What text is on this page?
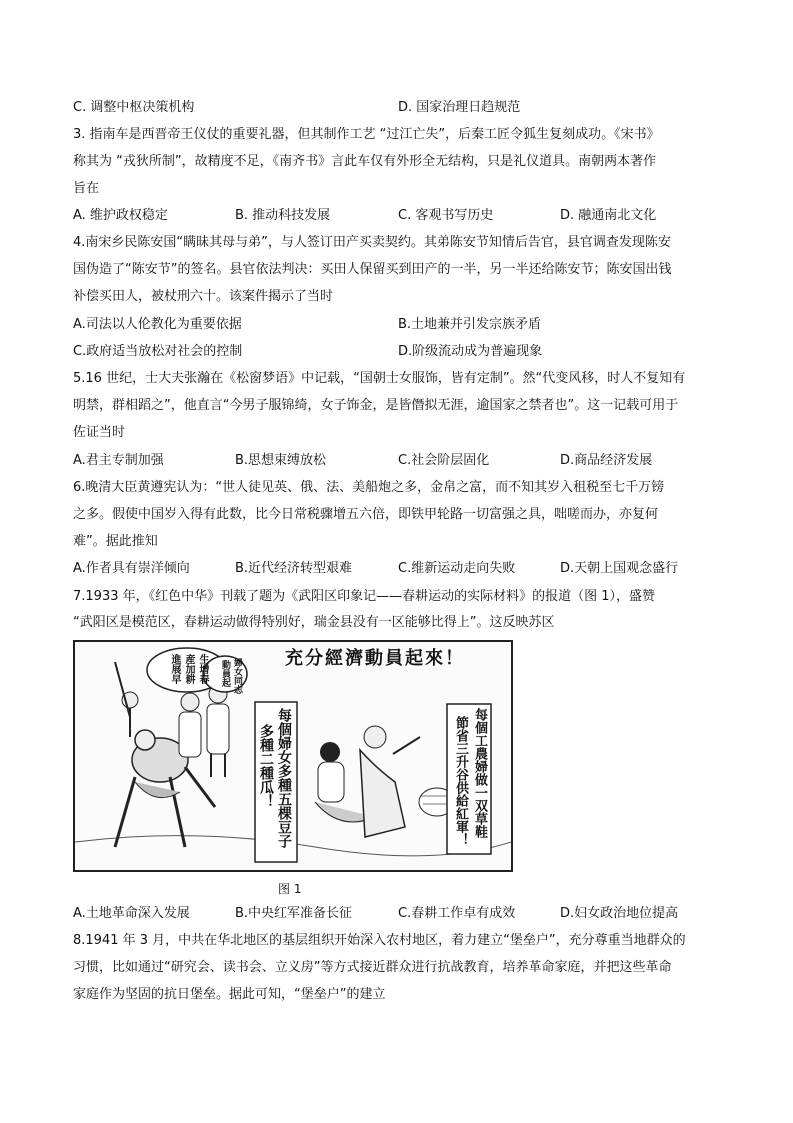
C. 调整中枢决策机构	D. 国家治理日趋规范
3. 指南车是西晋帝王仪仗的重要礼器，但其制作工艺 “过江亡失”，后秦工匠令狐生复刻成功。《宋书》
称其为 “戎狄所制”，故精度不足，《南齐书》言此车仅有外形全无结构，只是礼仪道具。南朝两本著作
旨在
A. 维护政权稳定	B. 推动科技发展	C. 客观书写历史	D. 融通南北文化
4.南宋乡民陈安国“瞒昧其母与弟”，与人签订田产买卖契约。其弟陈安节知情后告官，县官调查发现陈安
国伪造了“陈安节”的签名。县官依法判决：买田人保留买到田产的一半，另一半还给陈安节；陈安国出钱
补偿买田人，被杖刑六十。该案件揭示了当时
A.司法以人伦教化为重要依据	B.土地兼并引发宗族矛盾
C.政府适当放松对社会的控制	D.阶级流动成为普遍现象
5.16 世纪，士大夫张瀚在《松窗梦语》中记载，“国朝士女服饰，皆有定制”。然“代变风移，时人不复知有
明禁，群相蹈之”，他直言“今男子服锦绮，女子饰金，是皆僭拟无涯，逾国家之禁者也”。这一记载可用于
佐证当时
A.君主专制加强	B.思想束缚放松	C.社会阶层固化	D.商品经济发展
6.晚清大臣黄遵宪认为：“世人徒见英、俄、法、美船炮之多，金帛之富，而不知其岁入租税至七千万镑
之多。假使中国岁入得有此数，比今日常税骤增五六倍，即铁甲轮路一切富强之具，咄嗟而办，亦复何
难”。据此推知
A.作者具有崇洋倾向	B.近代经济转型艰难	C.维新运动走向失败	D.天朝上国观念盛行
7.1933 年，《红色中华》刊载了题为《武阳区印象记——春耕运动的实际材料》的报道（图 1），盛赞
“武阳区是模范区，春耕运动做得特别好，瑞金县没有一区能够比得上”。这反映苏区
充分經濟動員起來！
生增春
産加耕
進展早	婦女同志
動員起
每個婦女多種五棵豆子
多種二種瓜！	每個工農婦做一双草鞋
節省三升谷供給紅軍！
图 1
A.土地革命深入发展	B.中央红军准备长征	C.春耕工作卓有成效	D.妇女政治地位提高
8.1941 年 3 月，中共在华北地区的基层组织开始深入农村地区，着力建立“堡垒户”，充分尊重当地群众的
习惯，比如通过“研究会、读书会、立义房”等方式接近群众进行抗战教育，培养革命家庭，并把这些革命
家庭作为坚固的抗日堡垒。据此可知，“堡垒户”的建立
